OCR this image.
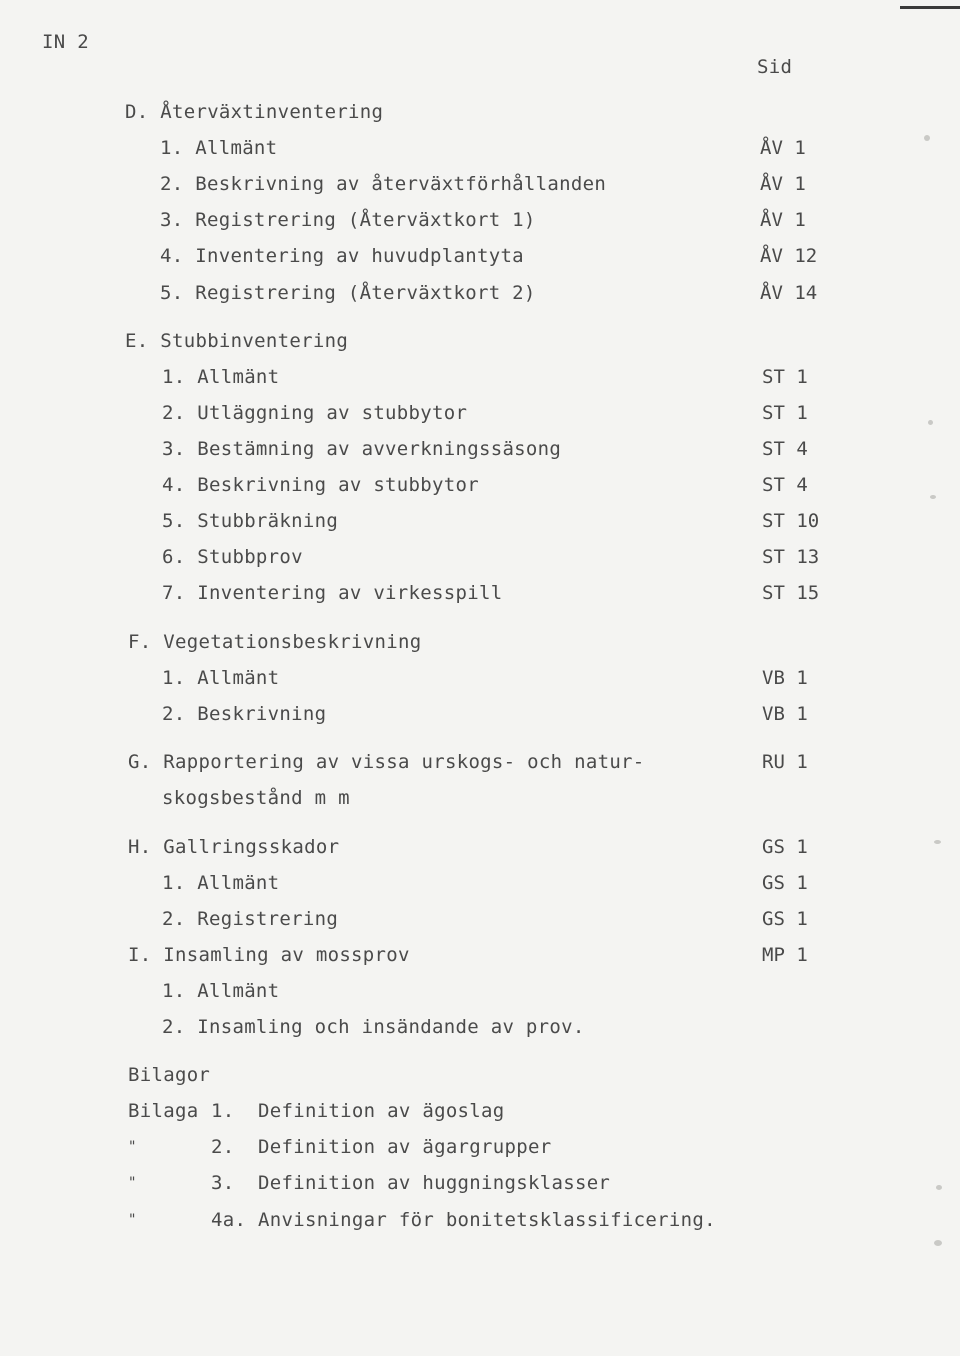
IN 2
Sid
D. Återväxtinventering
1. Allmänt	ÅV 1
2. Beskrivning av återväxtförhållanden	ÅV 1
3. Registrering (Återväxtkort 1)	ÅV 1
4. Inventering av huvudplantyta	ÅV 12
5. Registrering (Återväxtkort 2)	ÅV 14
E. Stubbinventering
1. Allmänt	ST 1
2. Utläggning av stubbytor	ST 1
3. Bestämning av avverkningssäsong	ST 4
4. Beskrivning av stubbytor	ST 4
5. Stubbräkning	ST 10
6. Stubbprov	ST 13
7. Inventering av virkesspill	ST 15
F. Vegetationsbeskrivning
1. Allmänt	VB 1
2. Beskrivning	VB 1
G. Rapportering av vissa urskogs- och natur-	RU 1
skogsbestånd m m
H. Gallringsskador	GS 1
1. Allmänt	GS 1
2. Registrering	GS 1
I. Insamling av mossprov	MP 1
1. Allmänt
2. Insamling och insändande av prov.
Bilagor
Bilaga 1. Definition av ägoslag
"	2. Definition av ägargrupper
"	3. Definition av huggningsklasser
"	4a. Anvisningar för bonitetsklassificering.
